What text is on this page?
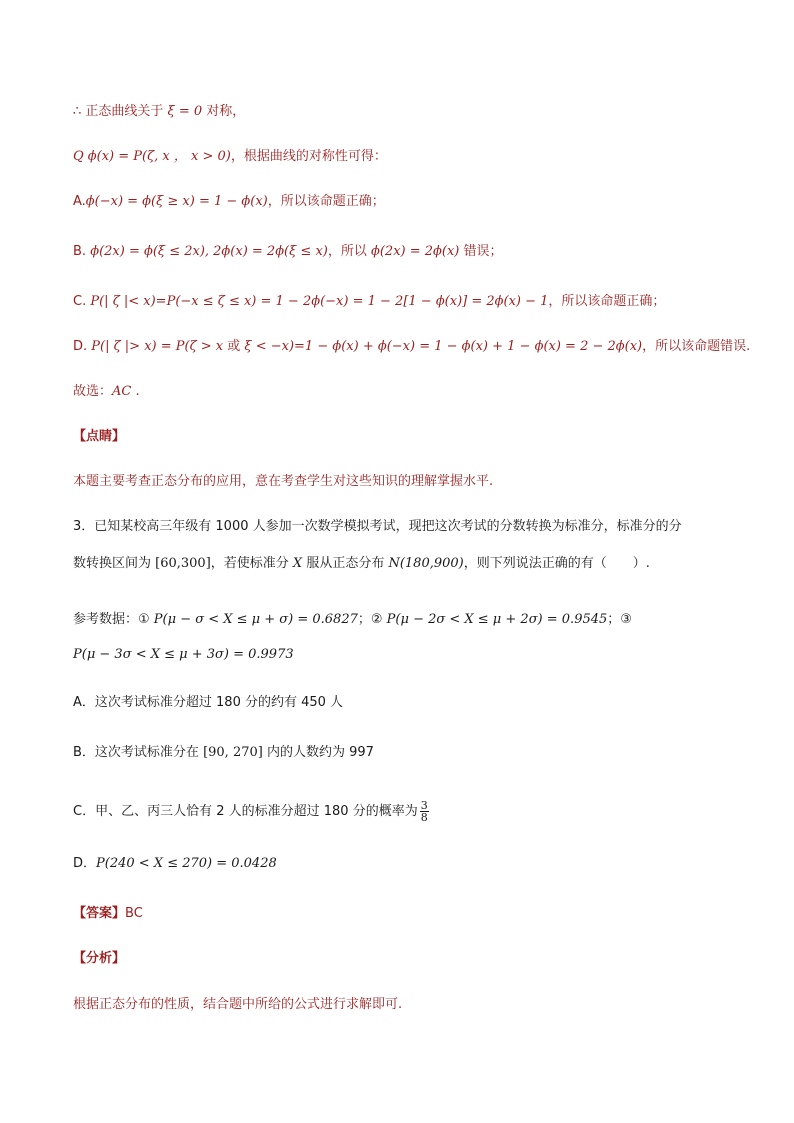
∴ 正态曲线关于 ξ = 0 对称，
Q ϕ(x) = P(ζ, x ， x > 0)，根据曲线的对称性可得：
A.ϕ(−x) = ϕ(ξ ≥ x) = 1 − ϕ(x)，所以该命题正确；
B. ϕ(2x) = ϕ(ξ ≤ 2x), 2ϕ(x) = 2ϕ(ξ ≤ x)，所以 ϕ(2x) = 2ϕ(x) 错误；
C. P(| ζ |< x)=P(−x ≤ ζ ≤ x) = 1 − 2ϕ(−x) = 1 − 2[1 − ϕ(x)] = 2ϕ(x) − 1，所以该命题正确；
D. P(| ζ |> x) = P(ζ > x 或 ξ < −x)=1 − ϕ(x) + ϕ(−x) = 1 − ϕ(x) + 1 − ϕ(x) = 2 − 2ϕ(x)，所以该命题错误.
故选：AC .
【点睛】
本题主要考查正态分布的应用，意在考查学生对这些知识的理解掌握水平.
3．已知某校高三年级有 1000 人参加一次数学模拟考试，现把这次考试的分数转换为标准分，标准分的分
数转换区间为 [60,300]，若使标准分 X 服从正态分布 N(180,900)，则下列说法正确的有（　　）.
参考数据：① P(μ − σ < X ≤ μ + σ) = 0.6827；② P(μ − 2σ < X ≤ μ + 2σ) = 0.9545；③
P(μ − 3σ < X ≤ μ + 3σ) = 0.9973
A．这次考试标准分超过 180 分的约有 450 人
B．这次考试标准分在 [90, 270] 内的人数约为 997
C．甲、乙、丙三人恰有 2 人的标准分超过 180 分的概率为 $\frac{3}{8}$
D．P(240 < X ≤ 270) = 0.0428
【答案】BC
【分析】
根据正态分布的性质，结合题中所给的公式进行求解即可.
